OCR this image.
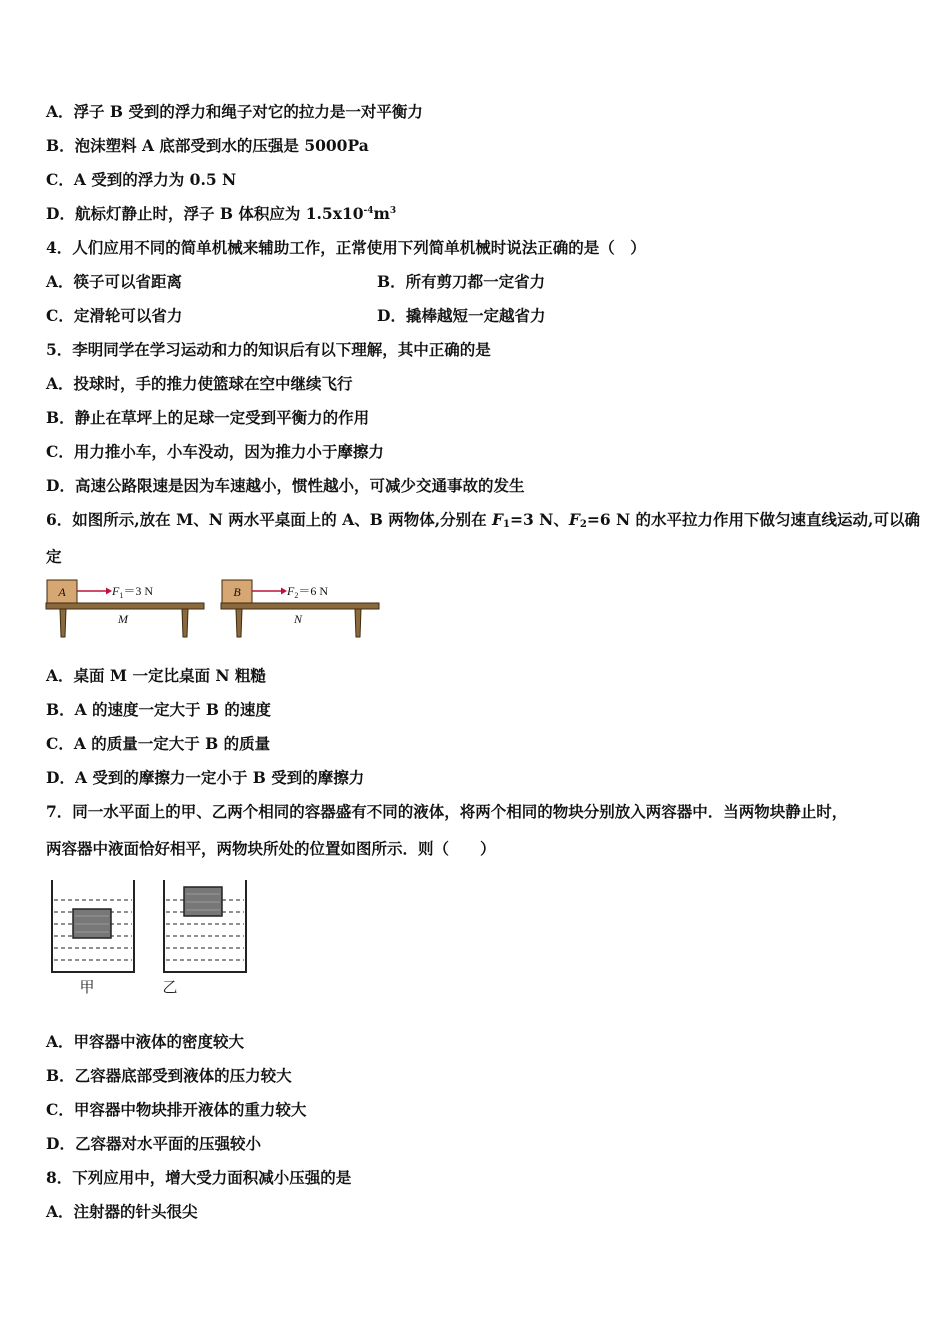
A．浮子 B 受到的浮力和绳子对它的拉力是一对平衡力
B．泡沫塑料 A 底部受到水的压强是 5000Pa
C．A 受到的浮力为 0.5 N
D．航标灯静止时，浮子 B 体积应为 $1.5x10^{-4}m^3$
4．人们应用不同的简单机械来辅助工作，正常使用下列简单机械时说法正确的是（　）
A．筷子可以省距离	B．所有剪刀都一定省力
C．定滑轮可以省力	D．撬棒越短一定越省力
5．李明同学在学习运动和力的知识后有以下理解，其中正确的是
A．投球时，手的推力使篮球在空中继续飞行
B．静止在草坪上的足球一定受到平衡力的作用
C．用力推小车，小车没动，因为推力小于摩擦力
D．高速公路限速是因为车速越小，惯性越小，可减少交通事故的发生
6．如图所示,放在 M、N 两水平桌面上的 A、B 两物体,分别在 $F_1=3$ N、$F_2=6$ N 的水平拉力作用下做匀速直线运动,可以确
定
A	$F_1=3$ N
M
B	$F_2=6$ N
N
A．桌面 M 一定比桌面 N 粗糙
B．A 的速度一定大于 B 的速度
C．A 的质量一定大于 B 的质量
D．A 受到的摩擦力一定小于 B 受到的摩擦力
7．同一水平面上的甲、乙两个相同的容器盛有不同的液体，将两个相同的物块分别放入两容器中．当两物块静止时，
两容器中液面恰好相平，两物块所处的位置如图所示．则（　　）
甲	乙
A．甲容器中液体的密度较大
B．乙容器底部受到液体的压力较大
C．甲容器中物块排开液体的重力较大
D．乙容器对水平面的压强较小
8．下列应用中，增大受力面积减小压强的是
A．注射器的针头很尖
